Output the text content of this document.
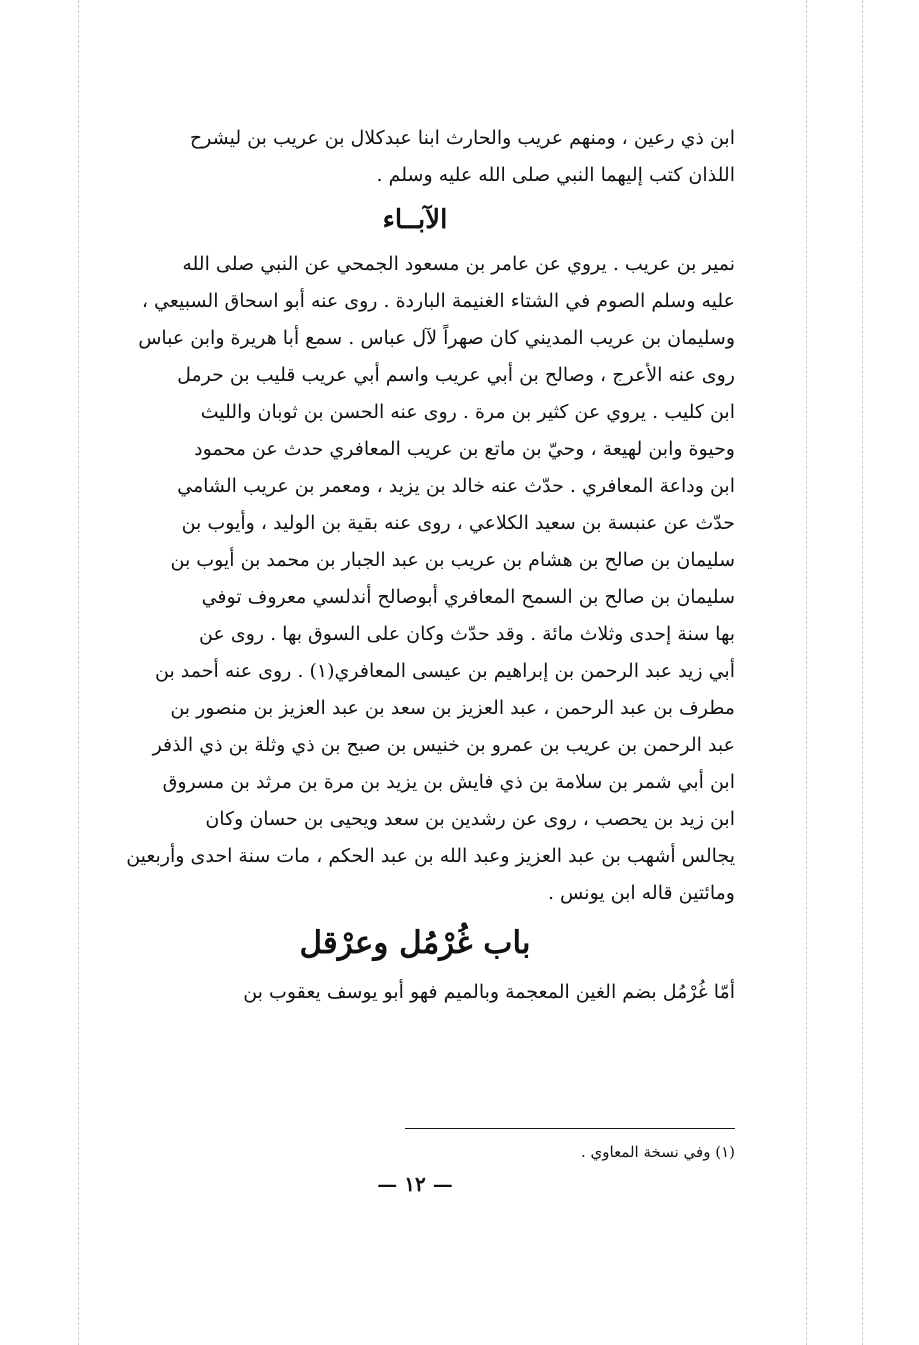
ابن ذي رعين ، ومنهم عريب والحارث ابنا عبدكلال بن عريب بن ليشرح
اللذان كتب إليهما النبي صلى الله عليه وسلم .
الآبــاء
نمير بن عريب . يروي عن عامر بن مسعود الجمحي عن النبي صلى الله
عليه وسلم الصوم في الشتاء الغنيمة الباردة . روى عنه أبو اسحاق السبيعي ،
وسليمان بن عريب المديني كان صهراً لآل عباس . سمع أبا هريرة وابن عباس
روى عنه الأعرج ، وصالح بن أبي عريب واسم أبي عريب قليب بن حرمل
ابن كليب . يروي عن كثير بن مرة . روى عنه الحسن بن ثوبان والليث
وحيوة وابن لهيعة ، وحيّ بن ماتع بن عريب المعافري حدث عن محمود
ابن وداعة المعافري . حدّث عنه خالد بن يزيد ، ومعمر بن عريب الشامي
حدّث عن عنبسة بن سعيد الكلاعي ، روى عنه بقية بن الوليد ، وأيوب بن
سليمان بن صالح بن هشام بن عريب بن عبد الجبار بن محمد بن أيوب بن
سليمان بن صالح بن السمح المعافري أبوصالح أندلسي معروف توفي
بها سنة إحدى وثلاث مائة . وقد حدّث وكان على السوق بها . روى عن
أبي زيد عبد الرحمن بن إبراهيم بن عيسى المعافري(١) . روى عنه أحمد بن
مطرف بن عبد الرحمن ، عبد العزيز بن سعد بن عبد العزيز بن منصور بن
عبد الرحمن بن عريب بن عمرو بن خنيس بن صبح بن ذي وثلة بن ذي الذفر
ابن أبي شمر بن سلامة بن ذي فايش بن يزيد بن مرة بن مرثد بن مسروق
ابن زيد بن يحصب ، روى عن رشدين بن سعد ويحيى بن حسان وكان
يجالس أشهب بن عبد العزيز وعبد الله بن عبد الحكم ، مات سنة احدى وأربعين
ومائتين قاله ابن يونس .
باب غُرْمُل وعرْقل
أمّا غُرْمُل بضم الغين المعجمة وبالميم فهو أبو يوسف يعقوب بن
(١) وفي نسخة المعاوي .
— ١٢ —
